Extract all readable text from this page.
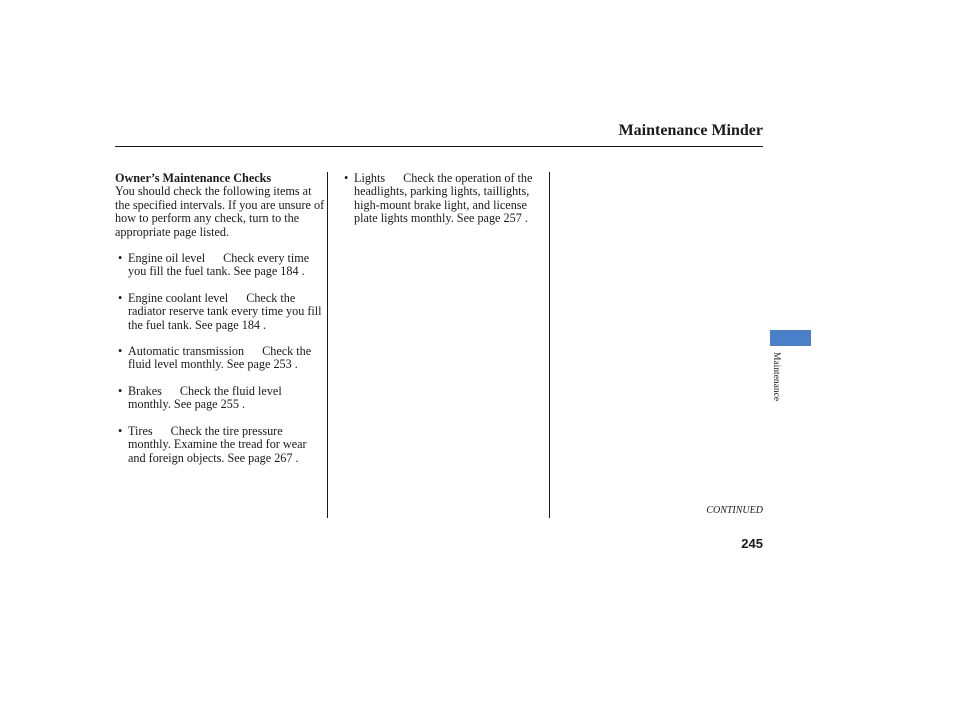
Maintenance Minder

Owner’s Maintenance Checks

You should check the following items at the specified intervals. If you are unsure of how to perform any check, turn to the appropriate page listed.

• Engine oil level Check every time you fill the fuel tank. See page 184 .

• Engine coolant level Check the radiator reserve tank every time you fill the fuel tank. See page 184 .

• Automatic transmission Check the fluid level monthly. See page 253 .

• Brakes Check the fluid level monthly. See page 255 .

• Tires Check the tire pressure monthly. Examine the tread for wear and foreign objects. See page 267 .

• Lights Check the operation of the headlights, parking lights, taillights, high-mount brake light, and license plate lights monthly. See page 257 .

Maintenance
CONTINUED
245
